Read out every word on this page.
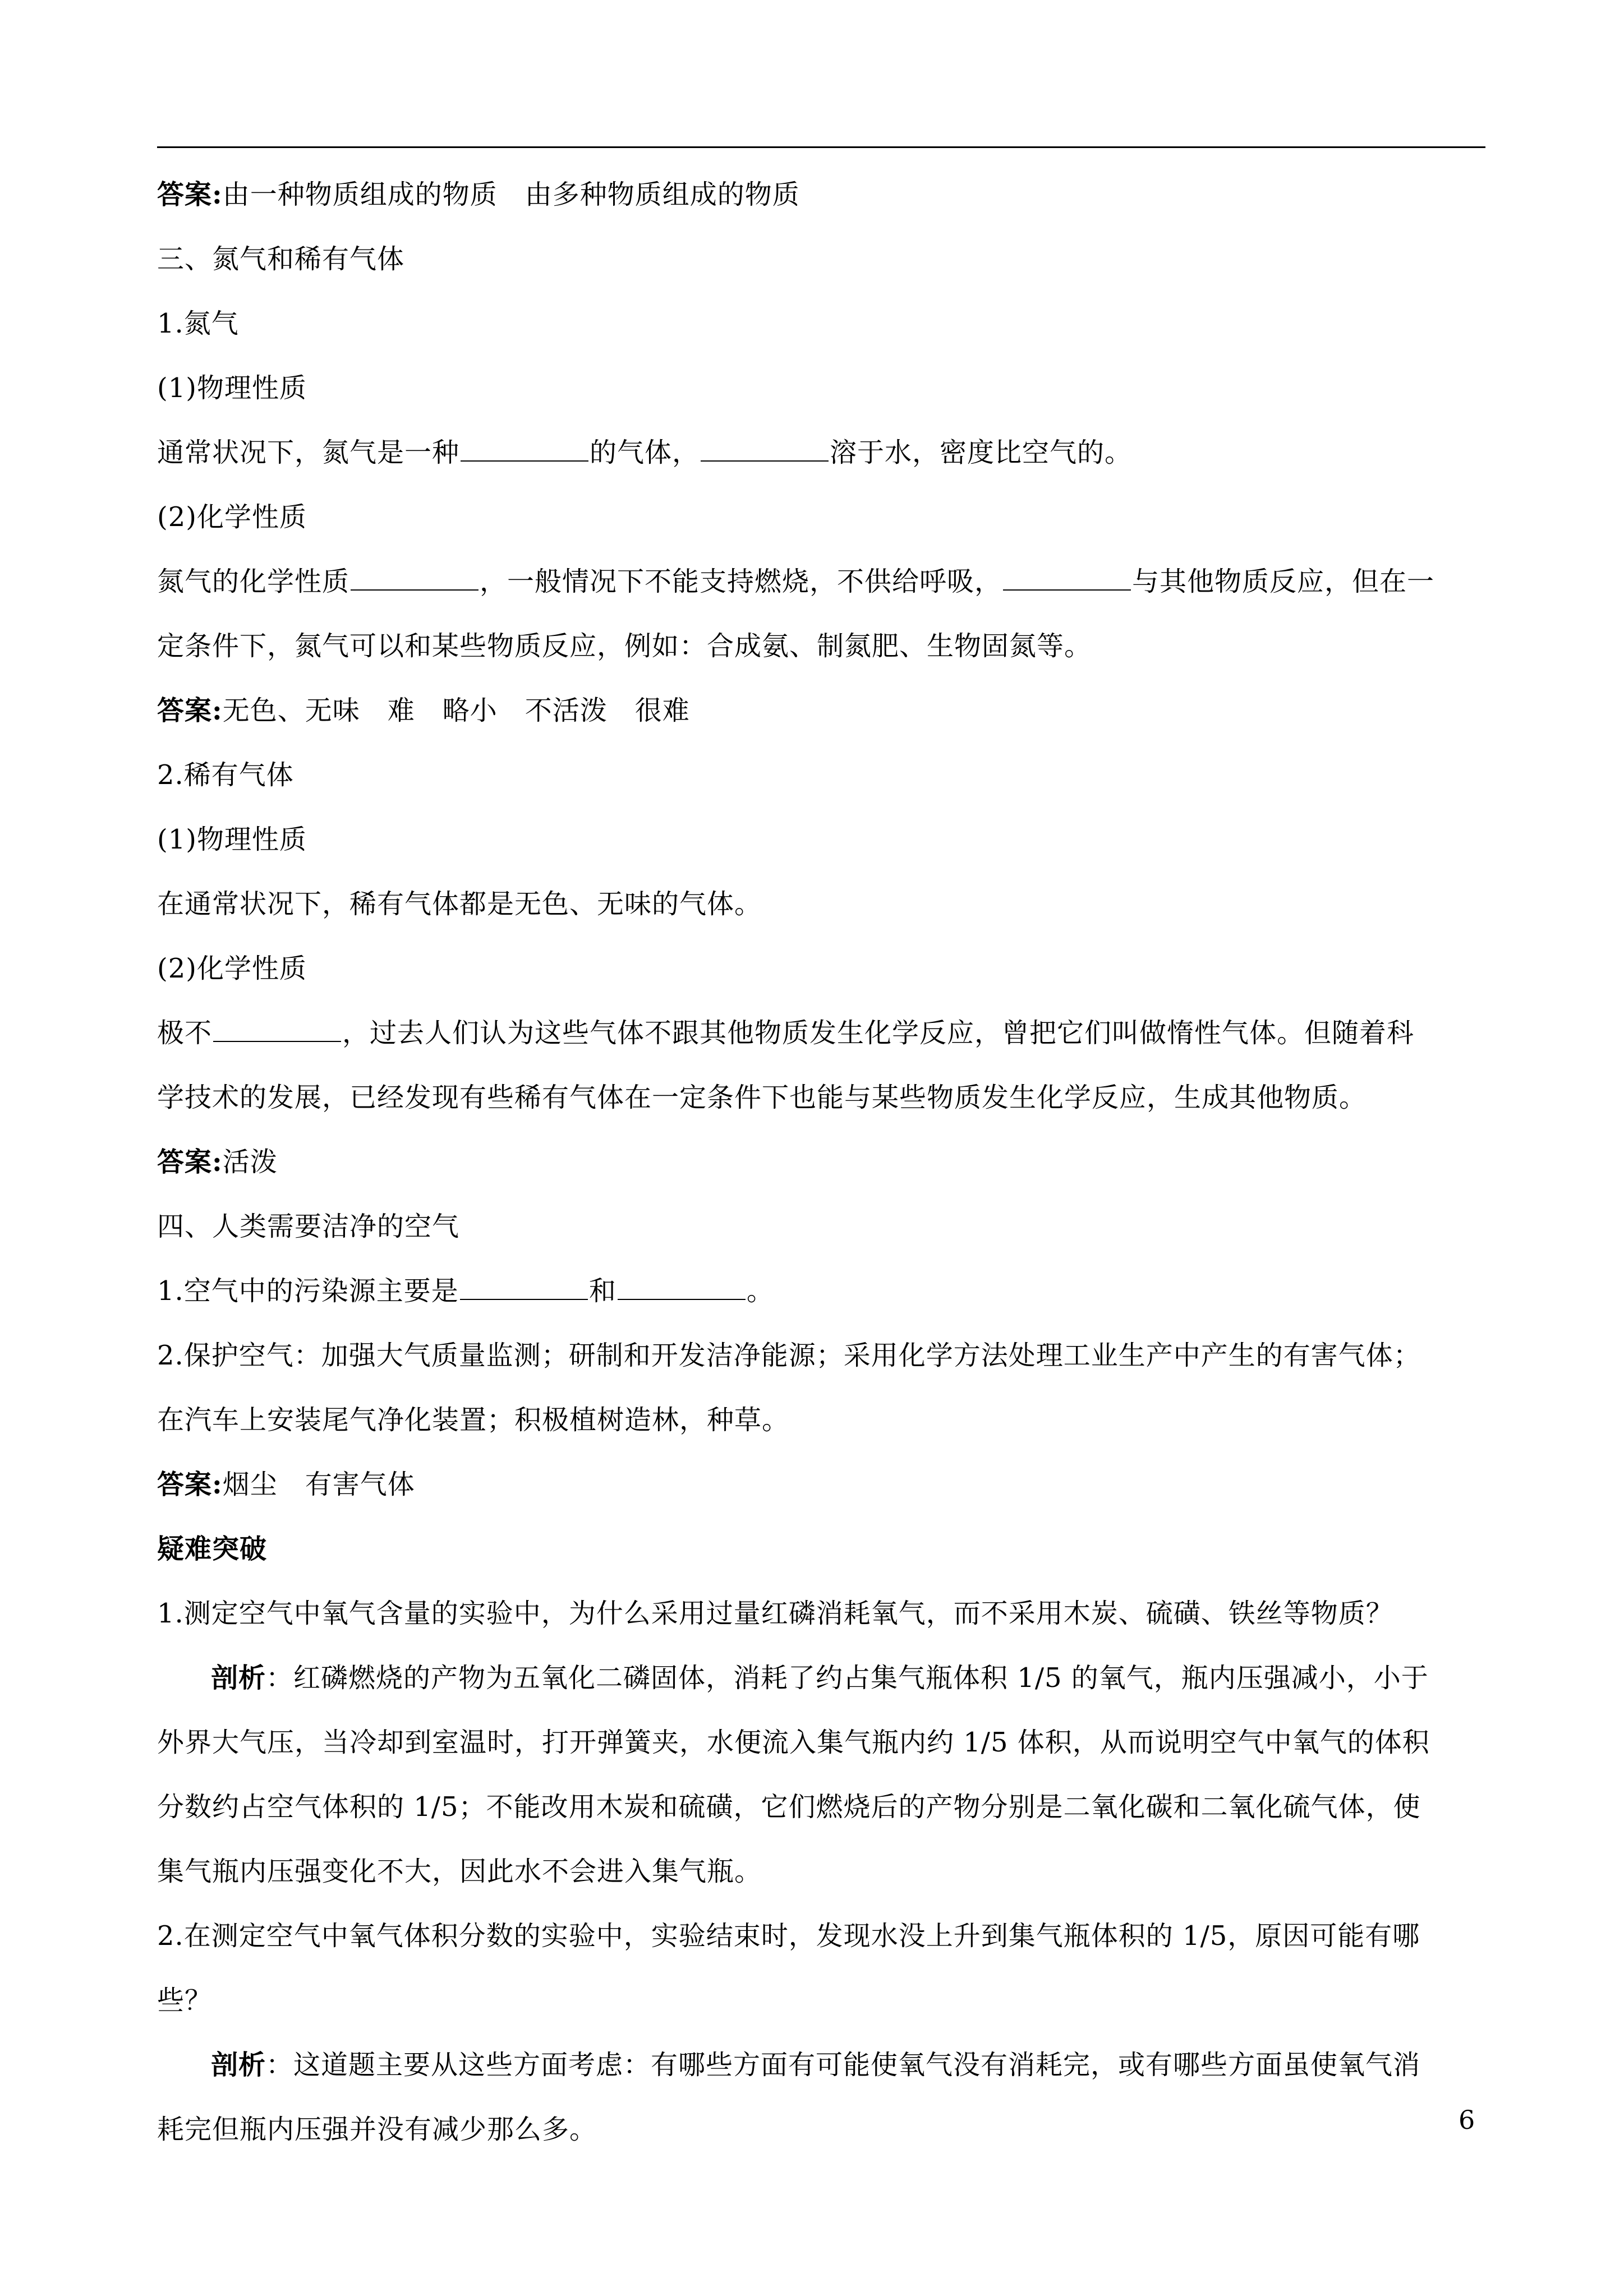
答案:由一种物质组成的物质　由多种物质组成的物质
三、氮气和稀有气体
1.氮气
(1)物理性质
通常状况下，氮气是一种	的气体，	溶于水，密度比空气的。
(2)化学性质
氮气的化学性质	，一般情况下不能支持燃烧，不供给呼吸，	与其他物质反应，但在一
定条件下，氮气可以和某些物质反应，例如：合成氨、制氮肥、生物固氮等。
答案:无色、无味　难　略小　不活泼　很难
2.稀有气体
(1)物理性质
在通常状况下，稀有气体都是无色、无味的气体。
(2)化学性质
极不	，过去人们认为这些气体不跟其他物质发生化学反应，曾把它们叫做惰性气体。但随着科
学技术的发展，已经发现有些稀有气体在一定条件下也能与某些物质发生化学反应，生成其他物质。
答案:活泼
四、人类需要洁净的空气
1.空气中的污染源主要是	和	。
2.保护空气：加强大气质量监测；研制和开发洁净能源；采用化学方法处理工业生产中产生的有害气体；
在汽车上安装尾气净化装置；积极植树造林，种草。
答案:烟尘　有害气体
疑难突破
1.测定空气中氧气含量的实验中，为什么采用过量红磷消耗氧气，而不采用木炭、硫磺、铁丝等物质？
剖析：红磷燃烧的产物为五氧化二磷固体，消耗了约占集气瓶体积 1/5 的氧气，瓶内压强减小，小于
外界大气压，当冷却到室温时，打开弹簧夹，水便流入集气瓶内约 1/5 体积，从而说明空气中氧气的体积
分数约占空气体积的 1/5；不能改用木炭和硫磺，它们燃烧后的产物分别是二氧化碳和二氧化硫气体，使
集气瓶内压强变化不大，因此水不会进入集气瓶。
2.在测定空气中氧气体积分数的实验中，实验结束时，发现水没上升到集气瓶体积的 1/5，原因可能有哪
些？
剖析：这道题主要从这些方面考虑：有哪些方面有可能使氧气没有消耗完，或有哪些方面虽使氧气消
耗完但瓶内压强并没有减少那么多。	6
